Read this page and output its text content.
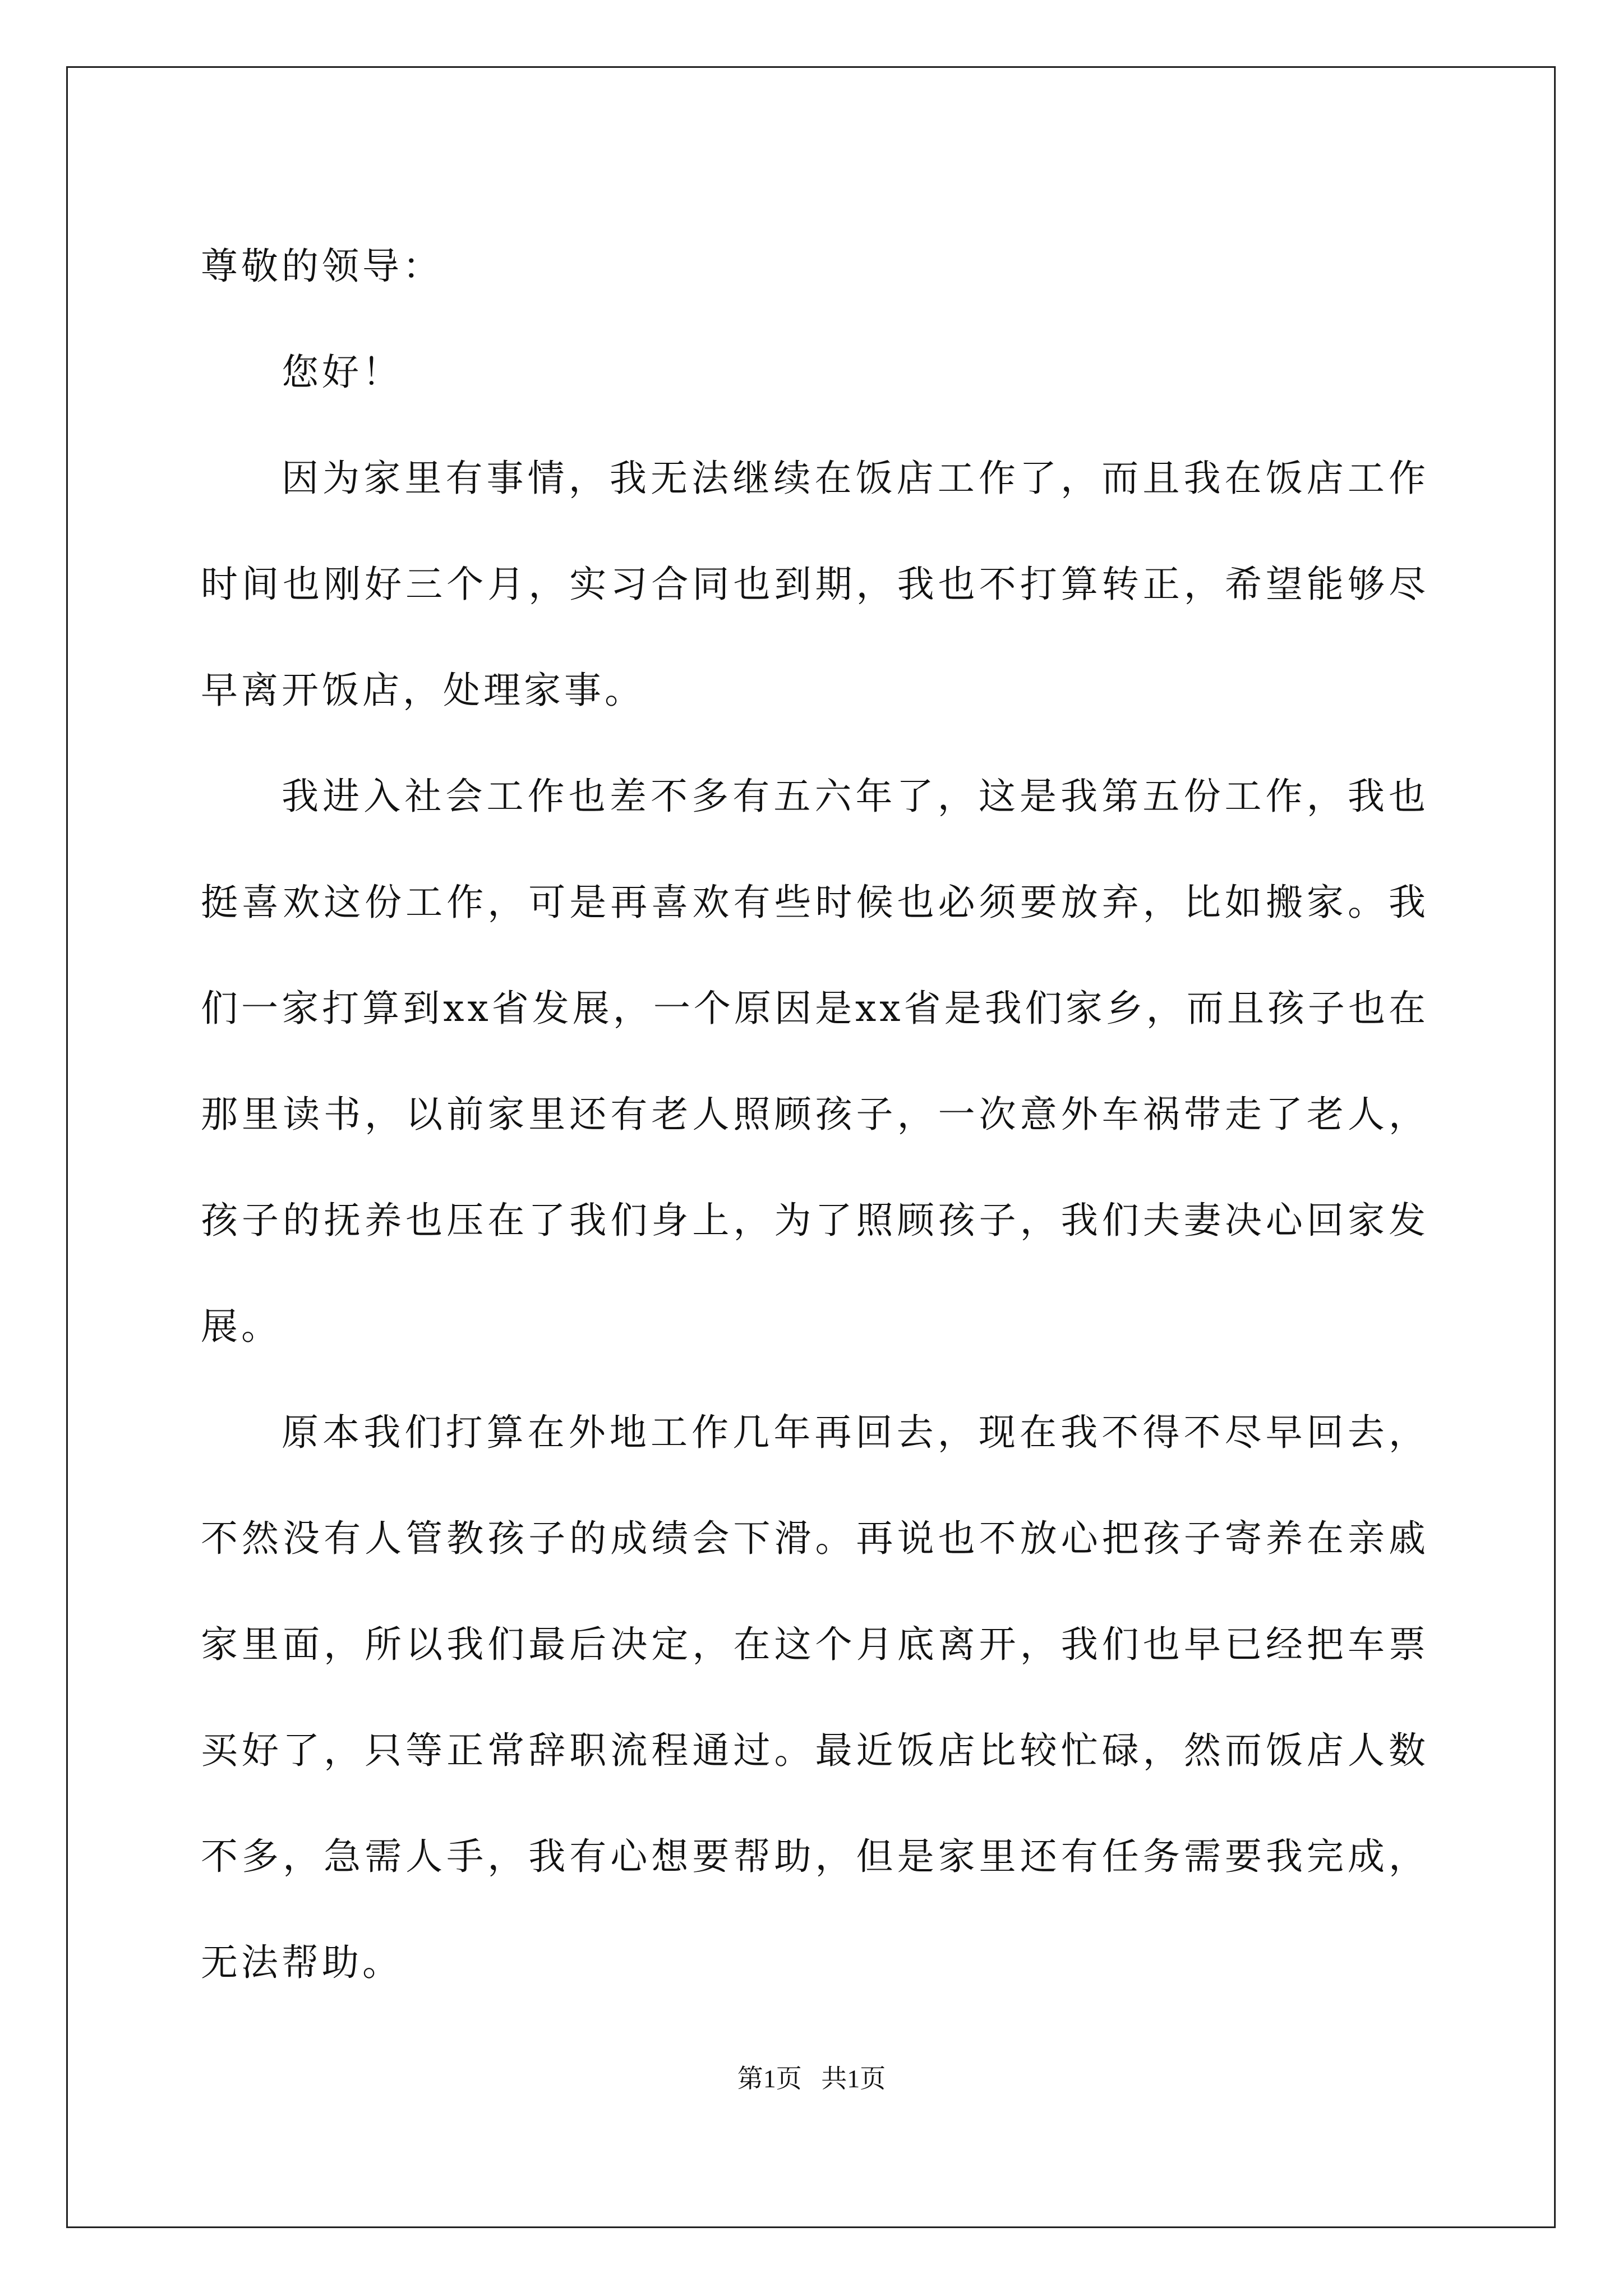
尊敬的领导：

您好！

因为家里有事情，我无法继续在饭店工作了，而且我在饭店工作时间也刚好三个月，实习合同也到期，我也不打算转正，希望能够尽早离开饭店，处理家事。

我进入社会工作也差不多有五六年了，这是我第五份工作，我也挺喜欢这份工作，可是再喜欢有些时候也必须要放弃，比如搬家。我们一家打算到xx省发展，一个原因是xx省是我们家乡，而且孩子也在那里读书，以前家里还有老人照顾孩子，一次意外车祸带走了老人，孩子的抚养也压在了我们身上，为了照顾孩子，我们夫妻决心回家发展。

原本我们打算在外地工作几年再回去，现在我不得不尽早回去，不然没有人管教孩子的成绩会下滑。再说也不放心把孩子寄养在亲戚家里面，所以我们最后决定，在这个月底离开，我们也早已经把车票买好了，只等正常辞职流程通过。最近饭店比较忙碌，然而饭店人数不多，急需人手，我有心想要帮助，但是家里还有任务需要我完成，无法帮助。

第1页 共1页
